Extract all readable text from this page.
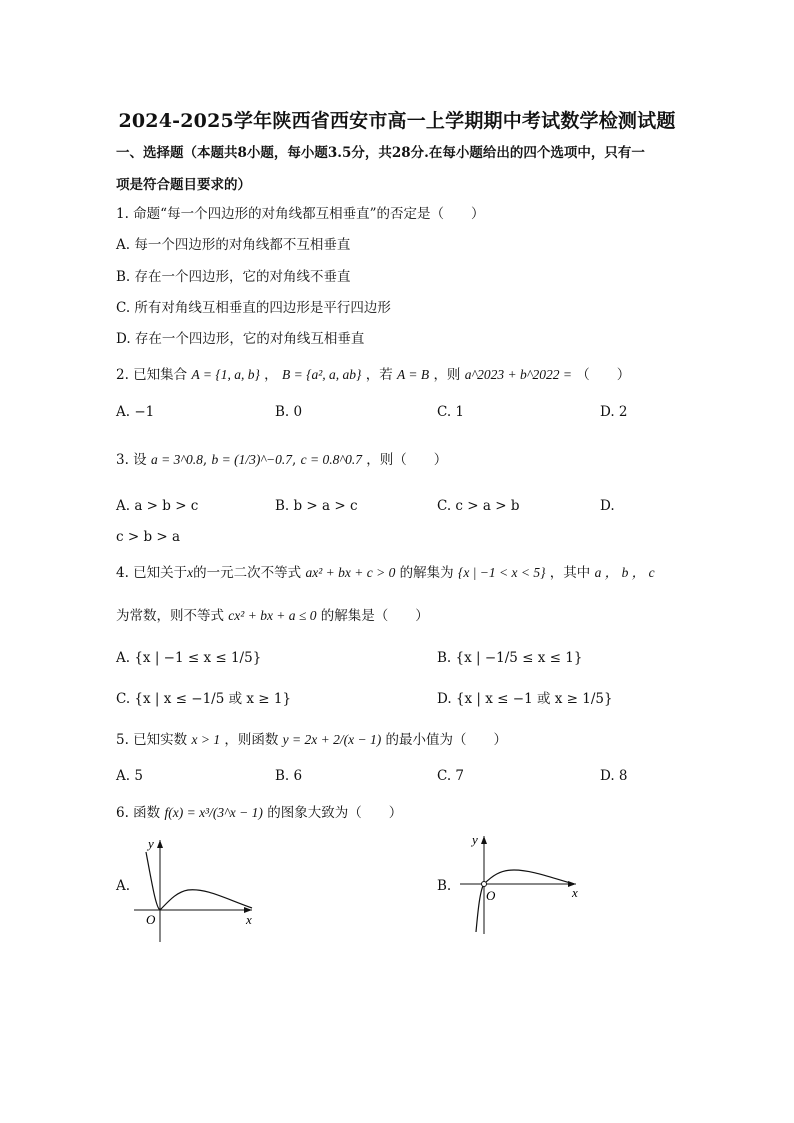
2024-2025学年陕西省西安市高一上学期期中考试数学检测试题
一、选择题（本题共8小题，每小题3.5分，共28分.在每小题给出的四个选项中，只有一
项是符合题目要求的）
1. 命题“每一个四边形的对角线都互相垂直”的否定是（　　）
A. 每一个四边形的对角线都不互相垂直
B. 存在一个四边形，它的对角线不垂直
C. 所有对角线互相垂直的四边形是平行四边形
D. 存在一个四边形，它的对角线互相垂直
2. 已知集合 A = {1, a, b} ， B = {a², a, ab} ，若 A = B ，则 a^2023 + b^2022 = （　　）
A. −1	B. 0	C. 1	D. 2
3. 设 a = 3^0.8, b = (1/3)^−0.7, c = 0.8^0.7 ，则（　　）
A. a > b > c	B. b > a > c	C. c > a > b	D.
c > b > a
4. 已知关于x的一元二次不等式 ax² + bx + c > 0 的解集为 {x | −1 < x < 5} ，其中 a ， b ， c
为常数，则不等式 cx² + bx + a ≤ 0 的解集是（　　）
A. {x | −1 ≤ x ≤ 1/5}	B. {x | −1/5 ≤ x ≤ 1}
C. {x | x ≤ −1/5 或 x ≥ 1}	D. {x | x ≤ −1 或 x ≥ 1/5}
5. 已知实数 x > 1 ，则函数 y = 2x + 2/(x − 1) 的最小值为（　　）
A. 5	B. 6	C. 7	D. 8
6. 函数 f(x) = x³/(3^x − 1) 的图象大致为（　　）
A.
y
x
O
B.
y
x
O
